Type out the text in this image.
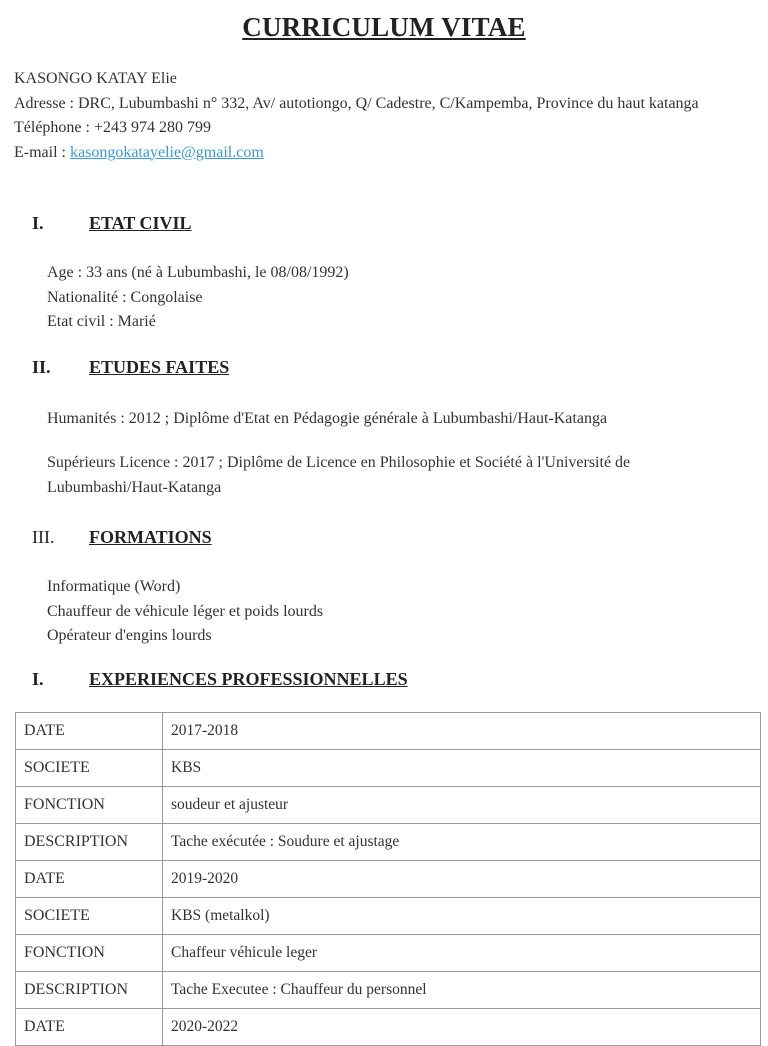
CURRICULUM VITAE
KASONGO KATAY Elie
Adresse : DRC, Lubumbashi n° 332, Av/ autotiongo, Q/ Cadestre, C/Kampemba, Province du haut katanga
Téléphone : +243 974 280 799
E-mail : kasongokatayelie@gmail.com
I.	ETAT CIVIL
Age : 33 ans (né à Lubumbashi, le 08/08/1992)
Nationalité : Congolaise
Etat civil : Marié
II.	ETUDES FAITES
Humanités : 2012 ; Diplôme d'Etat en Pédagogie générale à Lubumbashi/Haut-Katanga
Supérieurs Licence : 2017 ; Diplôme de Licence en Philosophie et Société à l'Université de Lubumbashi/Haut-Katanga
III.	FORMATIONS
Informatique (Word)
Chauffeur de véhicule léger et poids lourds
Opérateur d'engins lourds
I.	EXPERIENCES PROFESSIONNELLES
DATE	2017-2018
SOCIETE	KBS
FONCTION	soudeur et ajusteur
DESCRIPTION	Tache exécutée : Soudure et ajustage
DATE	2019-2020
SOCIETE	KBS (metalkol)
FONCTION	Chaffeur véhicule leger
DESCRIPTION	Tache Executee : Chauffeur du personnel
DATE	2020-2022
